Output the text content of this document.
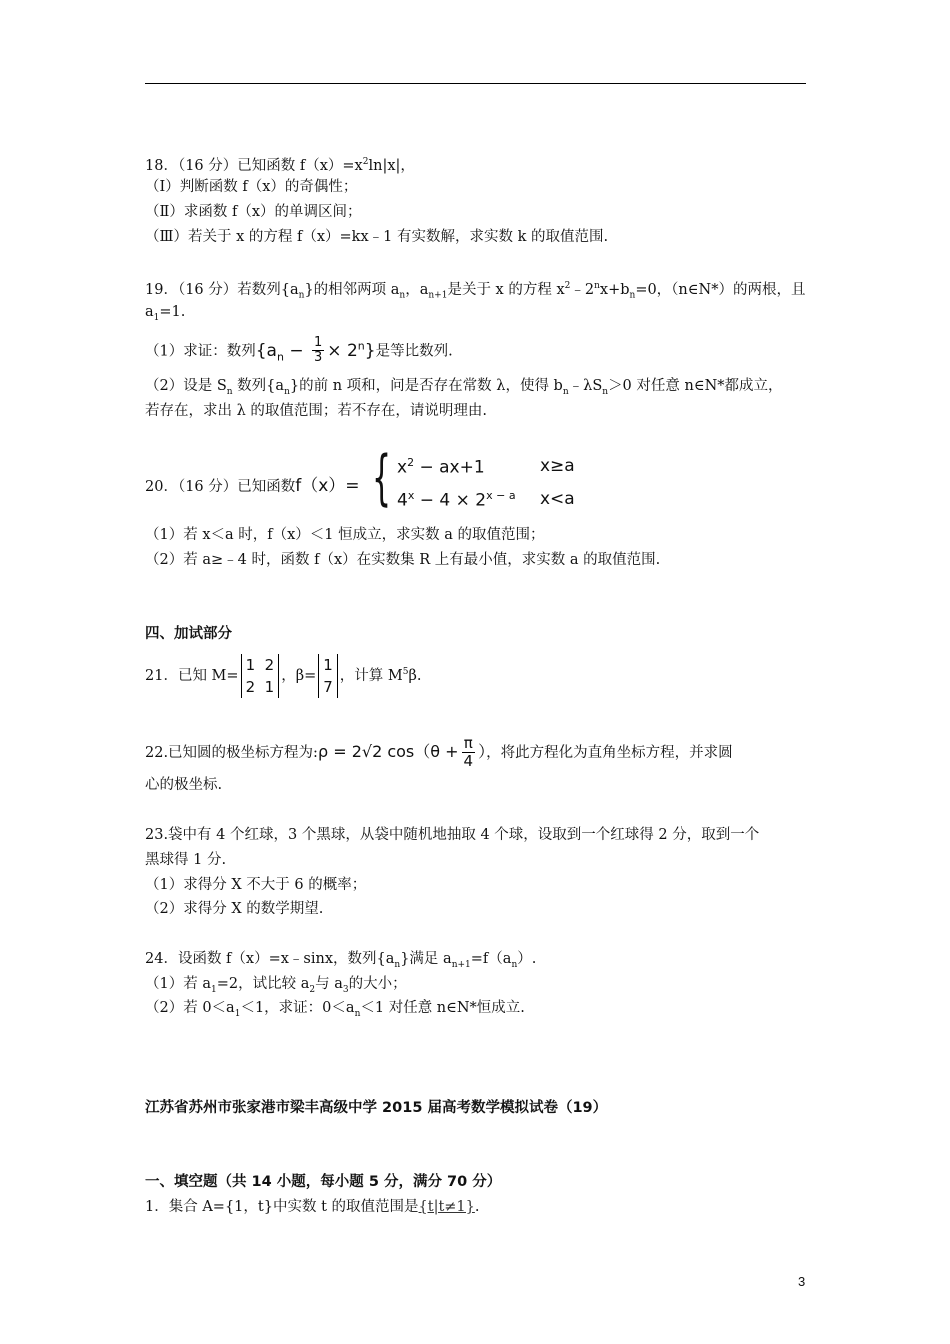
18．（16 分）已知函数 $f(x)=x^2\ln|x|$，
（Ⅰ）判断函数 f（x）的奇偶性；
（Ⅱ）求函数 f（x）的单调区间；
（Ⅲ）若关于 x 的方程 f（x）=kx﹣1 有实数解，求实数 k 的取值范围.
19．（16 分）若数列$\{a_n\}$的相邻两项 $a_n$，$a_{n+1}$是关于 x 的方程 $x^2﹣2^nx+b_n=0$，（n∈N*）的两根，且
$a_1=1$.
（1）求证：数列$\{a_n - \frac{1}{3} \times 2^n\}$是等比数列.
（2）设是 $S_n$ 数列$\{a_n\}$的前 n 项和，问是否存在常数 λ，使得 $b_n﹣\lambda S_n>0$ 对任意 n∈N*都成立，
若存在，求出 λ 的取值范围；若不存在，请说明理由.
20．（16 分）已知函数f（x）= { $x^2 - ax+1$	x≥a
$4^x - 4 \times 2^{x - a}$ x<a
（1）若 x＜a 时，f（x）＜1 恒成立，求实数 a 的取值范围；
（2）若 a≥﹣4 时，函数 f（x）在实数集 R 上有最小值，求实数 a 的取值范围.
四、加试部分
21．已知 M=1 2
2 1，β=1
7，计算 $M^5\beta$.
22.已知圆的极坐标方程为:ρ = 2√2 $\cos(\theta + \frac{\pi}{4}$ ），将此方程化为直角坐标方程，并求圆
心的极坐标.
23.袋中有 4 个红球，3 个黑球，从袋中随机地抽取 4 个球，设取到一个红球得 2 分，取到一个
黑球得 1 分.
（1）求得分 X 不大于 6 的概率；
（2）求得分 X 的数学期望.
24．设函数 f（x）=x﹣sinx，数列$\{a_n\}$满足 $a_{n+1}=f(a_n)$.
（1）若 $a_1=2$，试比较 $a_2$与 $a_3$的大小；
（2）若 $0<a_1<1$，求证：$0<a_n<1$ 对任意 n∈N*恒成立.
江苏省苏州市张家港市梁丰高级中学 2015 届高考数学模拟试卷（19）
一、填空题（共 14 小题，每小题 5 分，满分 70 分）
1．集合 A={1，t}中实数 t 的取值范围是{t|t≠1}.
3
